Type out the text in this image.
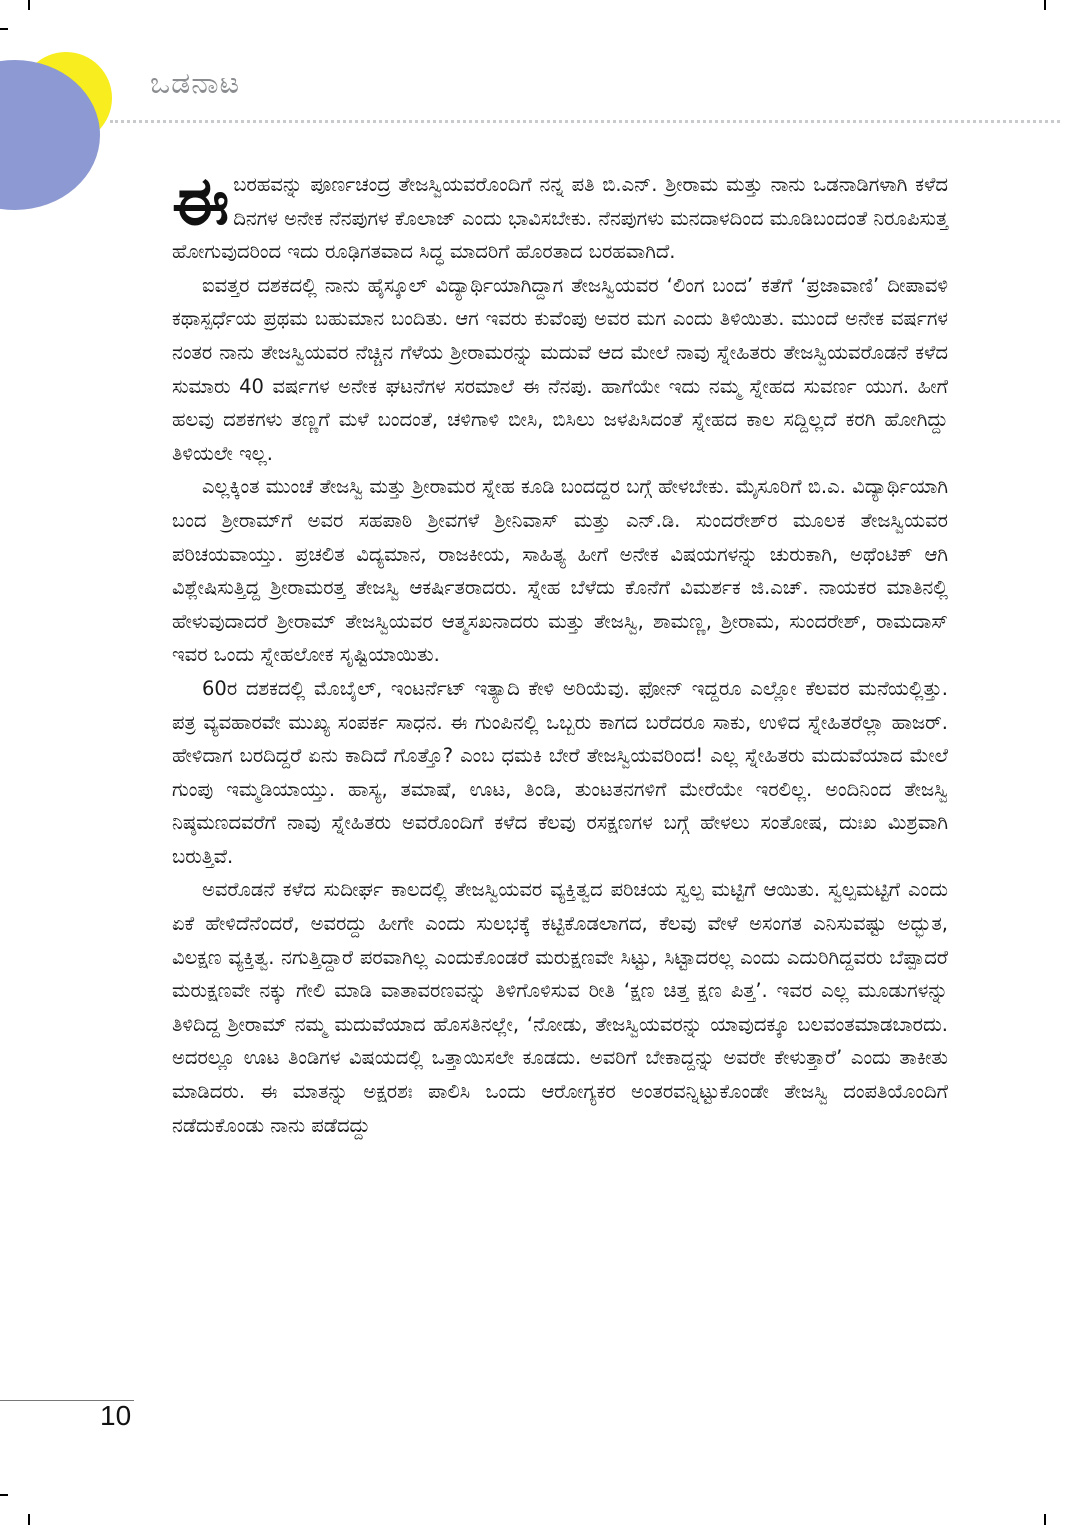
ಒಡನಾಟ

ಈಬರಹವನ್ನು ಪೂರ್ಣಚಂದ್ರ ತೇಜಸ್ವಿಯವರೊಂದಿಗೆ ನನ್ನ ಪತಿ ಬಿ.ಎನ್. ಶ್ರೀರಾಮ ಮತ್ತು ನಾನು ಒಡನಾಡಿಗಳಾಗಿ ಕಳೆದ ದಿನಗಳ ಅನೇಕ ನೆನಪುಗಳ ಕೊಲಾಜ್ ಎಂದು ಭಾವಿಸಬೇಕು. ನೆನಪುಗಳು ಮನದಾಳದಿಂದ ಮೂಡಿಬಂದಂತೆ ನಿರೂಪಿಸುತ್ತ ಹೋಗುವುದರಿಂದ ಇದು ರೂಢಿಗತವಾದ ಸಿದ್ಧ ಮಾದರಿಗೆ ಹೊರತಾದ ಬರಹವಾಗಿದೆ.

ಐವತ್ತರ ದಶಕದಲ್ಲಿ ನಾನು ಹೈಸ್ಕೂಲ್ ವಿದ್ಯಾರ್ಥಿಯಾಗಿದ್ದಾಗ ತೇಜಸ್ವಿಯವರ ‘ಲಿಂಗ ಬಂದ’ ಕತೆಗೆ ‘ಪ್ರಜಾವಾಣಿ’ ದೀಪಾವಳಿ ಕಥಾಸ್ಪರ್ಧೆಯ ಪ್ರಥಮ ಬಹುಮಾನ ಬಂದಿತು. ಆಗ ಇವರು ಕುವೆಂಪು ಅವರ ಮಗ ಎಂದು ತಿಳಿಯಿತು. ಮುಂದೆ ಅನೇಕ ವರ್ಷಗಳ ನಂತರ ನಾನು ತೇಜಸ್ವಿಯವರ ನೆಚ್ಚಿನ ಗೆಳೆಯ ಶ್ರೀರಾಮರನ್ನು ಮದುವೆ ಆದ ಮೇಲೆ ನಾವು ಸ್ನೇಹಿತರು ತೇಜಸ್ವಿಯವರೊಡನೆ ಕಳೆದ ಸುಮಾರು 40 ವರ್ಷಗಳ ಅನೇಕ ಘಟನೆಗಳ ಸರಮಾಲೆ ಈ ನೆನಪು. ಹಾಗೆಯೇ ಇದು ನಮ್ಮ ಸ್ನೇಹದ ಸುವರ್ಣ ಯುಗ. ಹೀಗೆ ಹಲವು ದಶಕಗಳು ತಣ್ಣಗೆ ಮಳೆ ಬಂದಂತೆ, ಚಳಿಗಾಳಿ ಬೀಸಿ, ಬಿಸಿಲು ಜಳಪಿಸಿದಂತೆ ಸ್ನೇಹದ ಕಾಲ ಸದ್ದಿಲ್ಲದೆ ಕರಗಿ ಹೋಗಿದ್ದು ತಿಳಿಯಲೇ ಇಲ್ಲ.

ಎಲ್ಲಕ್ಕಿಂತ ಮುಂಚೆ ತೇಜಸ್ವಿ ಮತ್ತು ಶ್ರೀರಾಮರ ಸ್ನೇಹ ಕೂಡಿ ಬಂದದ್ದರ ಬಗ್ಗೆ ಹೇಳಬೇಕು. ಮೈಸೂರಿಗೆ ಬಿ.ಎ. ವಿದ್ಯಾರ್ಥಿಯಾಗಿ ಬಂದ ಶ್ರೀರಾಮ್‌ಗೆ ಅವರ ಸಹಪಾಠಿ ಶ್ರೀವಗಳೆ ಶ್ರೀನಿವಾಸ್ ಮತ್ತು ಎನ್.ಡಿ. ಸುಂದರೇಶ್‌ರ ಮೂಲಕ ತೇಜಸ್ವಿಯವರ ಪರಿಚಯವಾಯ್ತು. ಪ್ರಚಲಿತ ವಿದ್ಯಮಾನ, ರಾಜಕೀಯ, ಸಾಹಿತ್ಯ ಹೀಗೆ ಅನೇಕ ವಿಷಯಗಳನ್ನು ಚುರುಕಾಗಿ, ಅಥೆಂಟಿಕ್ ಆಗಿ ವಿಶ್ಲೇಷಿಸುತ್ತಿದ್ದ ಶ್ರೀರಾಮರತ್ತ ತೇಜಸ್ವಿ ಆಕರ್ಷಿತರಾದರು. ಸ್ನೇಹ ಬೆಳೆದು ಕೊನೆಗೆ ವಿಮರ್ಶಕ ಜಿ.ಎಚ್. ನಾಯಕರ ಮಾತಿನಲ್ಲಿ ಹೇಳುವುದಾದರೆ ಶ್ರೀರಾಮ್ ತೇಜಸ್ವಿಯವರ ಆತ್ಮಸಖನಾದರು ಮತ್ತು ತೇಜಸ್ವಿ, ಶಾಮಣ್ಣ, ಶ್ರೀರಾಮ, ಸುಂದರೇಶ್, ರಾಮದಾಸ್ ಇವರ ಒಂದು ಸ್ನೇಹಲೋಕ ಸೃಷ್ಟಿಯಾಯಿತು.

60ರ ದಶಕದಲ್ಲಿ ಮೊಬೈಲ್, ಇಂಟರ್ನೆಟ್ ಇತ್ಯಾದಿ ಕೇಳಿ ಅರಿಯೆವು. ಫೋನ್ ಇದ್ದರೂ ಎಲ್ಲೋ ಕೆಲವರ ಮನೆಯಲ್ಲಿತ್ತು. ಪತ್ರ ವ್ಯವಹಾರವೇ ಮುಖ್ಯ ಸಂಪರ್ಕ ಸಾಧನ. ಈ ಗುಂಪಿನಲ್ಲಿ ಒಬ್ಬರು ಕಾಗದ ಬರೆದರೂ ಸಾಕು, ಉಳಿದ ಸ್ನೇಹಿತರೆಲ್ಲಾ ಹಾಜರ್. ಹೇಳಿದಾಗ ಬರದಿದ್ದರೆ ಏನು ಕಾದಿದೆ ಗೊತ್ತೊ? ಎಂಬ ಧಮಕಿ ಬೇರೆ ತೇಜಸ್ವಿಯವರಿಂದ! ಎಲ್ಲ ಸ್ನೇಹಿತರು ಮದುವೆಯಾದ ಮೇಲೆ ಗುಂಪು ಇಮ್ಮಡಿಯಾಯ್ತು. ಹಾಸ್ಯ, ತಮಾಷೆ, ಊಟ, ತಿಂಡಿ, ತುಂಟತನಗಳಿಗೆ ಮೇರೆಯೇ ಇರಲಿಲ್ಲ. ಅಂದಿನಿಂದ ತೇಜಸ್ವಿ ನಿಷ್ಠಮಣದವರೆಗೆ ನಾವು ಸ್ನೇಹಿತರು ಅವರೊಂದಿಗೆ ಕಳೆದ ಕೆಲವು ರಸಕ್ಷಣಗಳ ಬಗ್ಗೆ ಹೇಳಲು ಸಂತೋಷ, ದುಃಖ ಮಿಶ್ರವಾಗಿ ಬರುತ್ತಿವೆ.

ಅವರೊಡನೆ ಕಳೆದ ಸುದೀರ್ಘ ಕಾಲದಲ್ಲಿ ತೇಜಸ್ವಿಯವರ ವ್ಯಕ್ತಿತ್ವದ ಪರಿಚಯ ಸ್ವಲ್ಪ ಮಟ್ಟಿಗೆ ಆಯಿತು. ಸ್ವಲ್ಪಮಟ್ಟಿಗೆ ಎಂದು ಏಕೆ ಹೇಳಿದೆನೆಂದರೆ, ಅವರದ್ದು ಹೀಗೇ ಎಂದು ಸುಲಭಕ್ಕೆ ಕಟ್ಟಿಕೊಡಲಾಗದ, ಕೆಲವು ವೇಳೆ ಅಸಂಗತ ಎನಿಸುವಷ್ಟು ಅದ್ಭುತ, ವಿಲಕ್ಷಣ ವ್ಯಕ್ತಿತ್ವ. ನಗುತ್ತಿದ್ದಾರೆ ಪರವಾಗಿಲ್ಲ ಎಂದುಕೊಂಡರೆ ಮರುಕ್ಷಣವೇ ಸಿಟ್ಟು, ಸಿಟ್ಟಾದರಲ್ಲ ಎಂದು ಎದುರಿಗಿದ್ದವರು ಬೆಪ್ಪಾದರೆ ಮರುಕ್ಷಣವೇ ನಕ್ಕು ಗೇಲಿ ಮಾಡಿ ವಾತಾವರಣವನ್ನು ತಿಳಿಗೊಳಿಸುವ ರೀತಿ ‘ಕ್ಷಣ ಚಿತ್ತ ಕ್ಷಣ ಪಿತ್ತ’. ಇವರ ಎಲ್ಲ ಮೂಡುಗಳನ್ನು ತಿಳಿದಿದ್ದ ಶ್ರೀರಾಮ್ ನಮ್ಮ ಮದುವೆಯಾದ ಹೊಸತಿನಲ್ಲೇ, ‘ನೋಡು, ತೇಜಸ್ವಿಯವರನ್ನು ಯಾವುದಕ್ಕೂ ಬಲವಂತಮಾಡಬಾರದು. ಅದರಲ್ಲೂ ಊಟ ತಿಂಡಿಗಳ ವಿಷಯದಲ್ಲಿ ಒತ್ತಾಯಿಸಲೇ ಕೂಡದು. ಅವರಿಗೆ ಬೇಕಾದ್ದನ್ನು ಅವರೇ ಕೇಳುತ್ತಾರೆ’ ಎಂದು ತಾಕೀತು ಮಾಡಿದರು. ಈ ಮಾತನ್ನು ಅಕ್ಷರಶಃ ಪಾಲಿಸಿ ಒಂದು ಆರೋಗ್ಯಕರ ಅಂತರವನ್ನಿಟ್ಟುಕೊಂಡೇ ತೇಜಸ್ವಿ ದಂಪತಿಯೊಂದಿಗೆ ನಡೆದುಕೊಂಡು ನಾನು ಪಡೆದದ್ದು

10
